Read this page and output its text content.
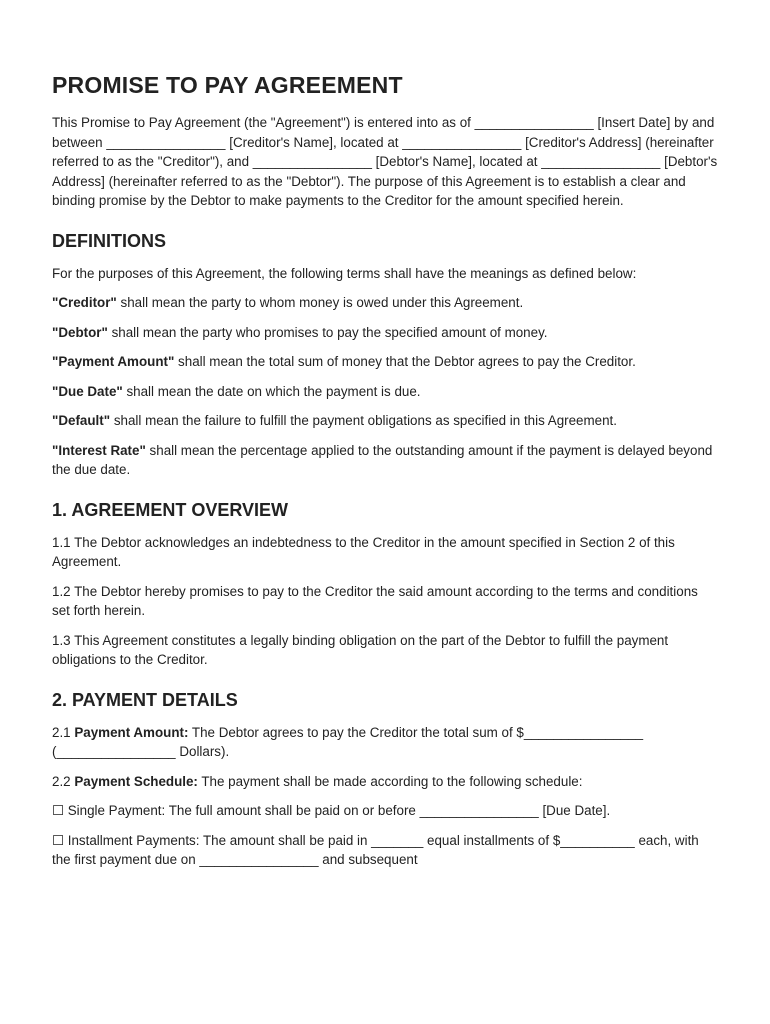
PROMISE TO PAY AGREEMENT

This Promise to Pay Agreement (the "Agreement") is entered into as of ________________ [Insert Date] by and between ________________ [Creditor's Name], located at ________________ [Creditor's Address] (hereinafter referred to as the "Creditor"), and ________________ [Debtor's Name], located at ________________ [Debtor's Address] (hereinafter referred to as the "Debtor"). The purpose of this Agreement is to establish a clear and binding promise by the Debtor to make payments to the Creditor for the amount specified herein.

DEFINITIONS

For the purposes of this Agreement, the following terms shall have the meanings as defined below:

"Creditor" shall mean the party to whom money is owed under this Agreement.

"Debtor" shall mean the party who promises to pay the specified amount of money.

"Payment Amount" shall mean the total sum of money that the Debtor agrees to pay the Creditor.

"Due Date" shall mean the date on which the payment is due.

"Default" shall mean the failure to fulfill the payment obligations as specified in this Agreement.

"Interest Rate" shall mean the percentage applied to the outstanding amount if the payment is delayed beyond the due date.

1. AGREEMENT OVERVIEW

1.1 The Debtor acknowledges an indebtedness to the Creditor in the amount specified in Section 2 of this Agreement.

1.2 The Debtor hereby promises to pay to the Creditor the said amount according to the terms and conditions set forth herein.

1.3 This Agreement constitutes a legally binding obligation on the part of the Debtor to fulfill the payment obligations to the Creditor.

2. PAYMENT DETAILS

2.1 Payment Amount: The Debtor agrees to pay the Creditor the total sum of $________________ (________________ Dollars).

2.2 Payment Schedule: The payment shall be made according to the following schedule:

☐ Single Payment: The full amount shall be paid on or before ________________ [Due Date].

☐ Installment Payments: The amount shall be paid in _______ equal installments of $__________ each, with the first payment due on ________________ and subsequent
